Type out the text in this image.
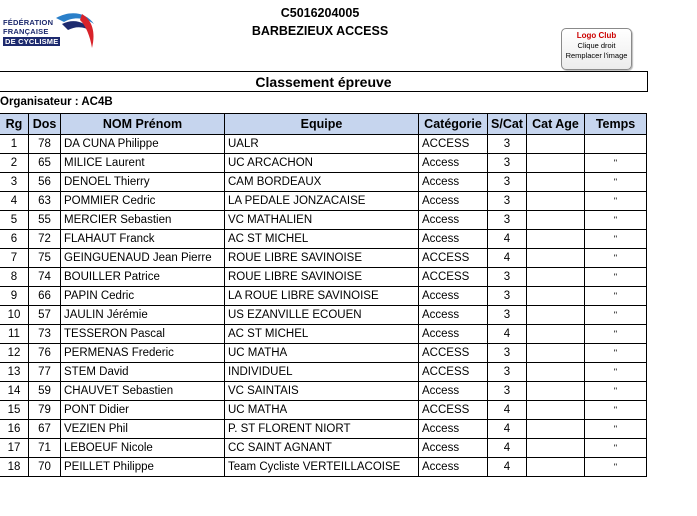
FÉDÉRATION
FRANÇAISE
DE CYCLISME
C5016204005
BARBEZIEUX ACCESS	Logo Club
Clique droit
Remplacer l'image
Classement épreuve
Organisateur : AC4B
Rg	Dos	NOM Prénom	Equipe	Catégorie	S/Cat	Cat Age	Temps
1	78	DA CUNA Philippe	UALR	ACCESS	3		
2	65	MILICE Laurent	UC ARCACHON	Access	3		"
3	56	DENOEL Thierry	CAM BORDEAUX	Access	3		"
4	63	POMMIER Cedric	LA PEDALE JONZACAISE	Access	3		"
5	55	MERCIER Sebastien	VC MATHALIEN	Access	3		"
6	72	FLAHAUT Franck	AC ST MICHEL	Access	4		"
7	75	GEINGUENAUD Jean Pierre	ROUE LIBRE SAVINOISE	ACCESS	4		"
8	74	BOUILLER Patrice	ROUE LIBRE SAVINOISE	ACCESS	3		"
9	66	PAPIN Cedric	LA ROUE LIBRE SAVINOISE	Access	3		"
10	57	JAULIN Jérémie	US EZANVILLE ECOUEN	Access	3		"
11	73	TESSERON Pascal	AC ST MICHEL	Access	4		"
12	76	PERMENAS Frederic	UC MATHA	ACCESS	3		"
13	77	STEM David	INDIVIDUEL	ACCESS	3		"
14	59	CHAUVET Sebastien	VC SAINTAIS	Access	3		"
15	79	PONT Didier	UC MATHA	ACCESS	4		"
16	67	VEZIEN Phil	P. ST FLORENT NIORT	Access	4		"
17	71	LEBOEUF Nicole	CC SAINT AGNANT	Access	4		"
18	70	PEILLET Philippe	Team Cycliste VERTEILLACOISE	Access	4		"
